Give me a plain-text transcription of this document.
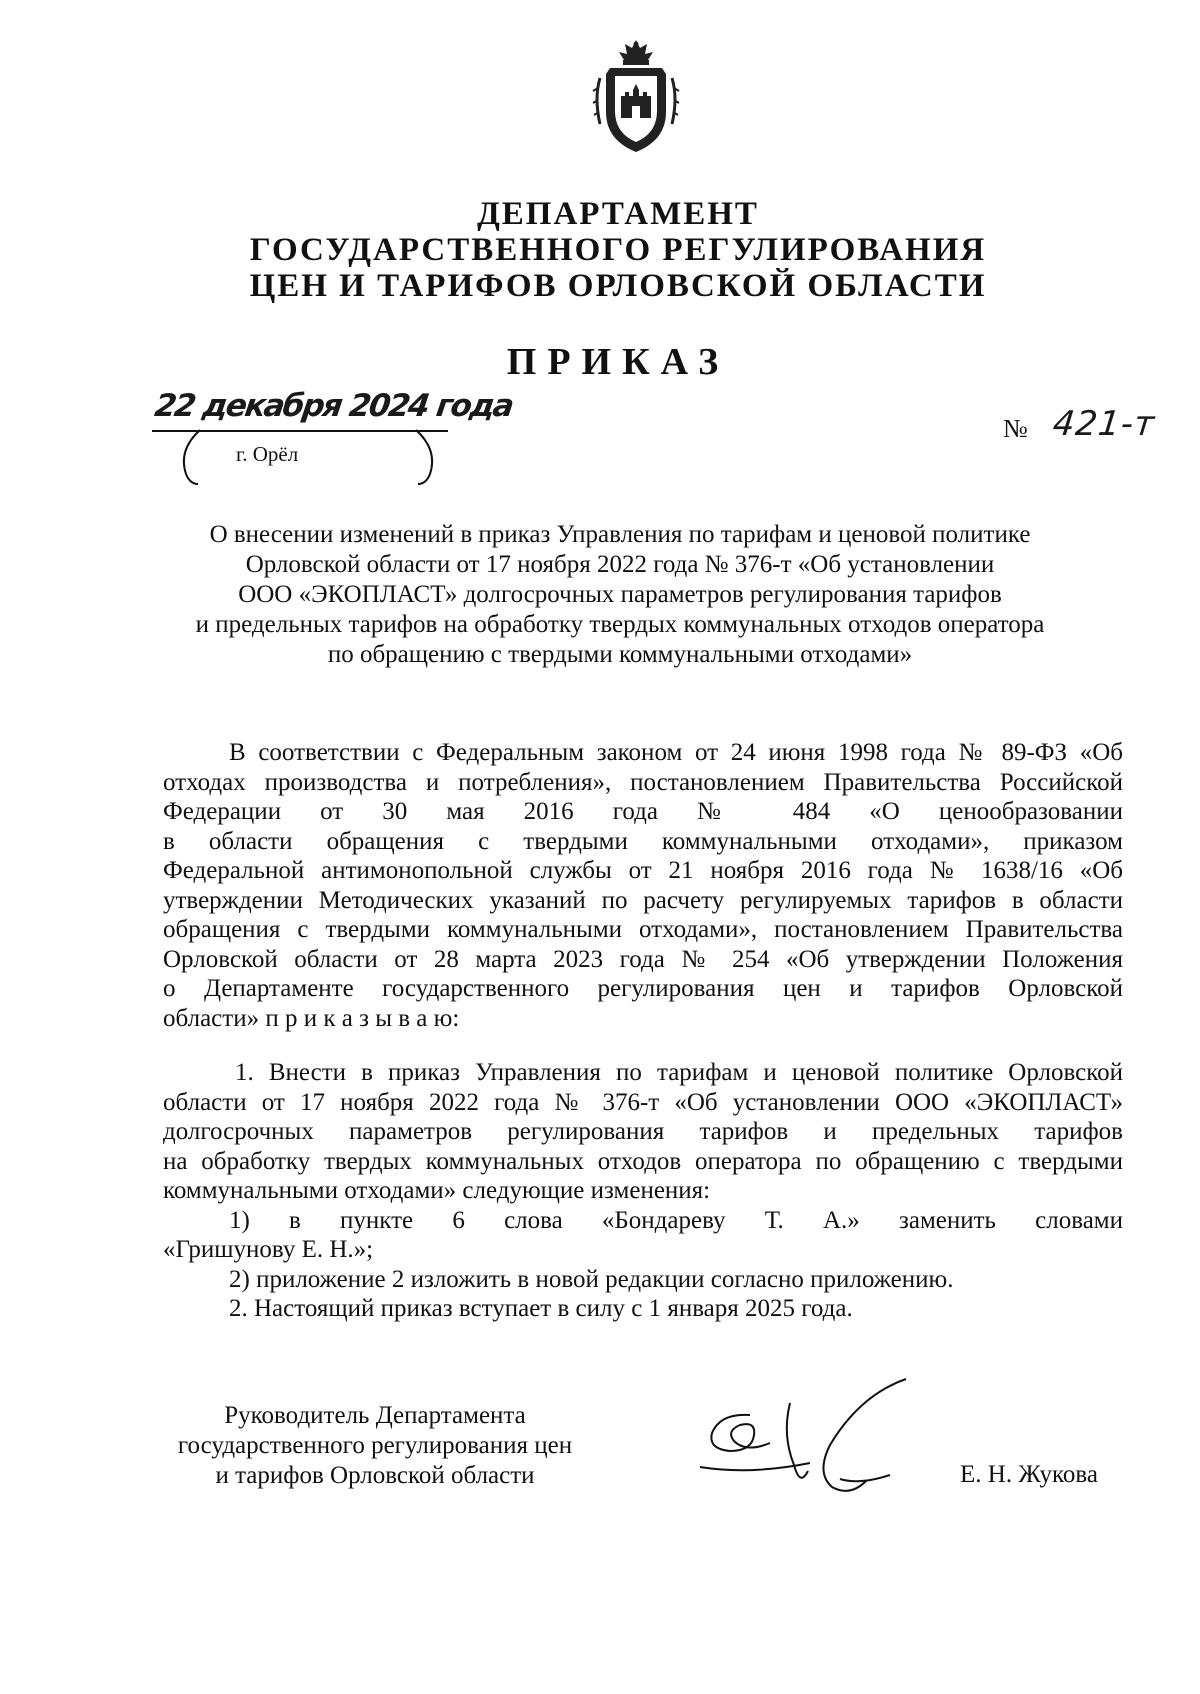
ДЕПАРТАМЕНТ
ГОСУДАРСТВЕННОГО РЕГУЛИРОВАНИЯ
ЦЕН И ТАРИФОВ ОРЛОВСКОЙ ОБЛАСТИ
ПРИКАЗ
22 декабря 2024 года
г. Орёл
№ 421-т
О внесении изменений в приказ Управления по тарифам и ценовой политике
Орловской области от 17 ноября 2022 года № 376-т «Об установлении
ООО «ЭКОПЛАСТ» долгосрочных параметров регулирования тарифов
и предельных тарифов на обработку твердых коммунальных отходов оператора
по обращению с твердыми коммунальными отходами»
В соответствии с Федеральным законом от 24 июня 1998 года № 89-ФЗ «Об
отходах производства и потребления», постановлением Правительства Российской
Федерации от 30 мая 2016 года № 484 «О ценообразовании
в области обращения с твердыми коммунальными отходами», приказом
Федеральной антимонопольной службы от 21 ноября 2016 года № 1638/16 «Об
утверждении Методических указаний по расчету регулируемых тарифов в области
обращения с твердыми коммунальными отходами», постановлением Правительства
Орловской области от 28 марта 2023 года № 254 «Об утверждении Положения
о Департаменте государственного регулирования цен и тарифов Орловской
области» п р и к а з ы в а ю:
1. Внести в приказ Управления по тарифам и ценовой политике Орловской
области от 17 ноября 2022 года № 376-т «Об установлении ООО «ЭКОПЛАСТ»
долгосрочных параметров регулирования тарифов и предельных тарифов
на обработку твердых коммунальных отходов оператора по обращению с твердыми
коммунальными отходами» следующие изменения:
1) в пункте 6 слова «Бондареву Т. А.» заменить словами
«Гришунову Е. Н.»;
2) приложение 2 изложить в новой редакции согласно приложению.
2. Настоящий приказ вступает в силу с 1 января 2025 года.
Руководитель Департамента
государственного регулирования цен
и тарифов Орловской области	Е. Н. Жукова
